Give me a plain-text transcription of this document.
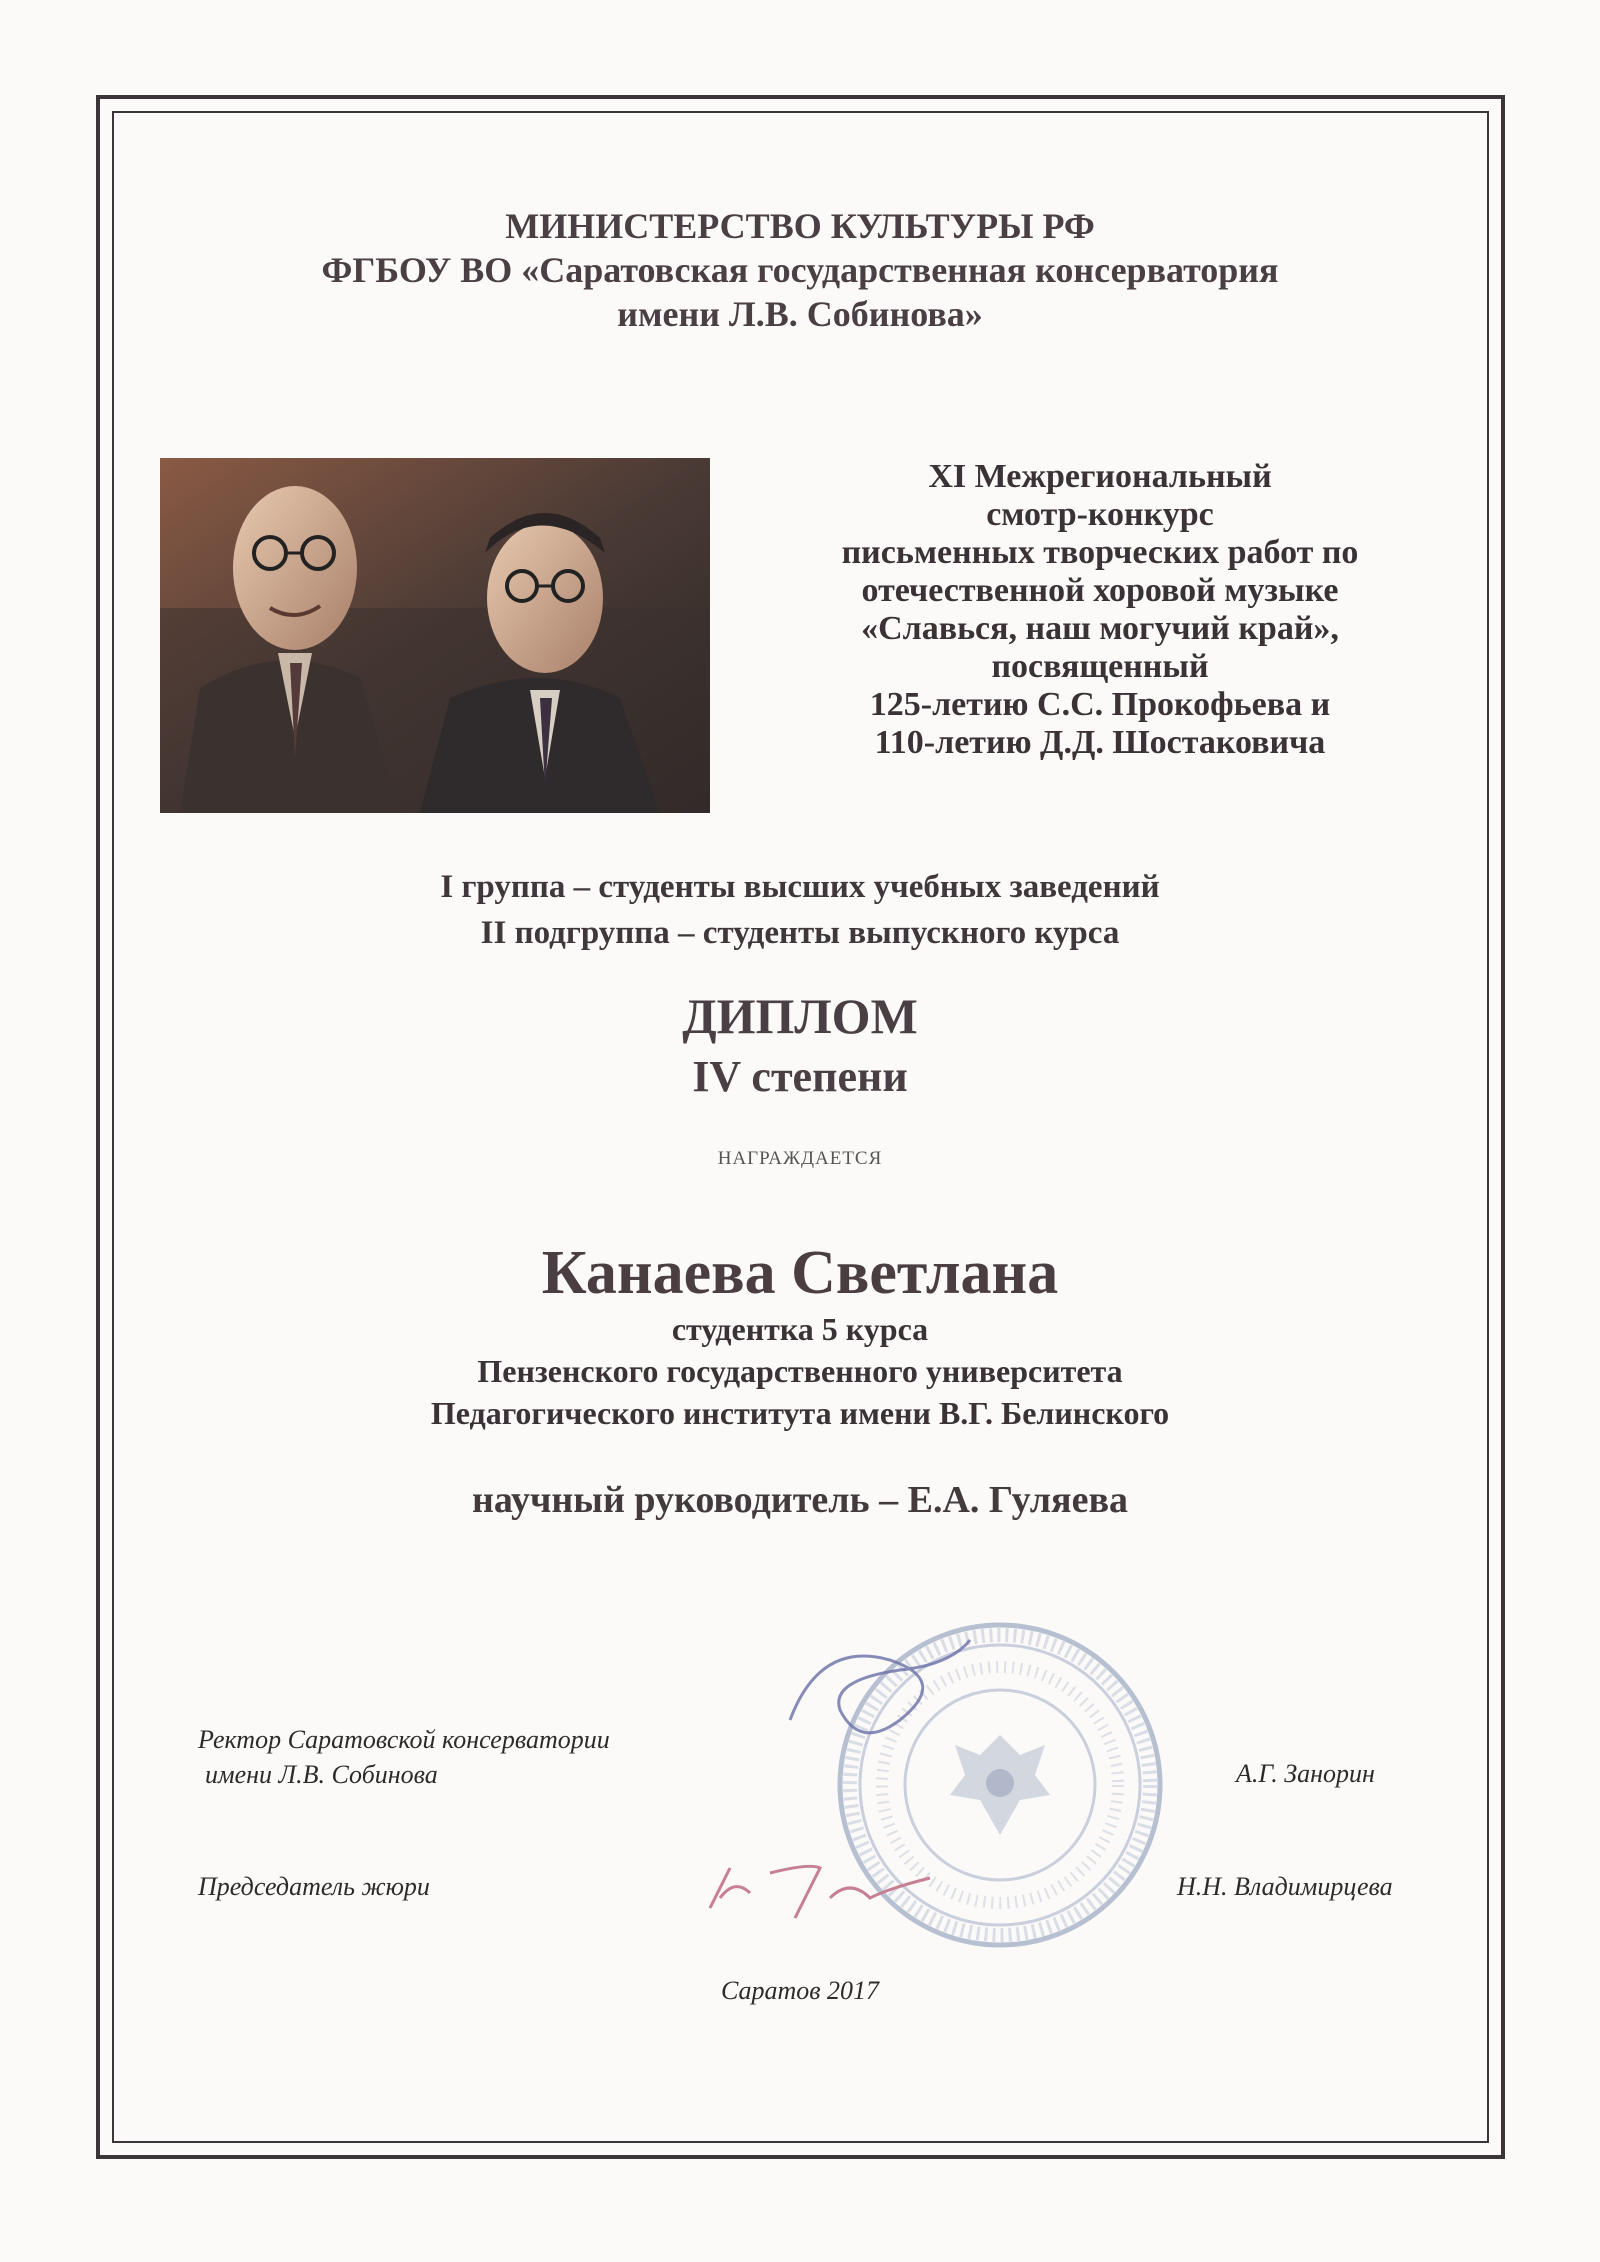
МИНИСТЕРСТВО КУЛЬТУРЫ РФ
ФГБОУ ВО «Саратовская государственная консерватория
имени Л.В. Собинова»
XI Межрегиональный
смотр-конкурс
письменных творческих работ по
отечественной хоровой музыке
«Славься, наш могучий край»,
посвященный
125-летию С.С. Прокофьева и
110-летию Д.Д. Шостаковича
I группа – студенты высших учебных заведений
II подгруппа – студенты выпускного курса
ДИПЛОМ
IV степени
НАГРАЖДАЕТСЯ
Канаева Светлана
студентка 5 курса
Пензенского государственного университета
Педагогического института имени В.Г. Белинского
научный руководитель – Е.А. Гуляева
Ректор Саратовской консерватории
имени Л.В. Собинова	А.Г. Занорин
Председатель жюри	Н.Н. Владимирцева
Саратов 2017
